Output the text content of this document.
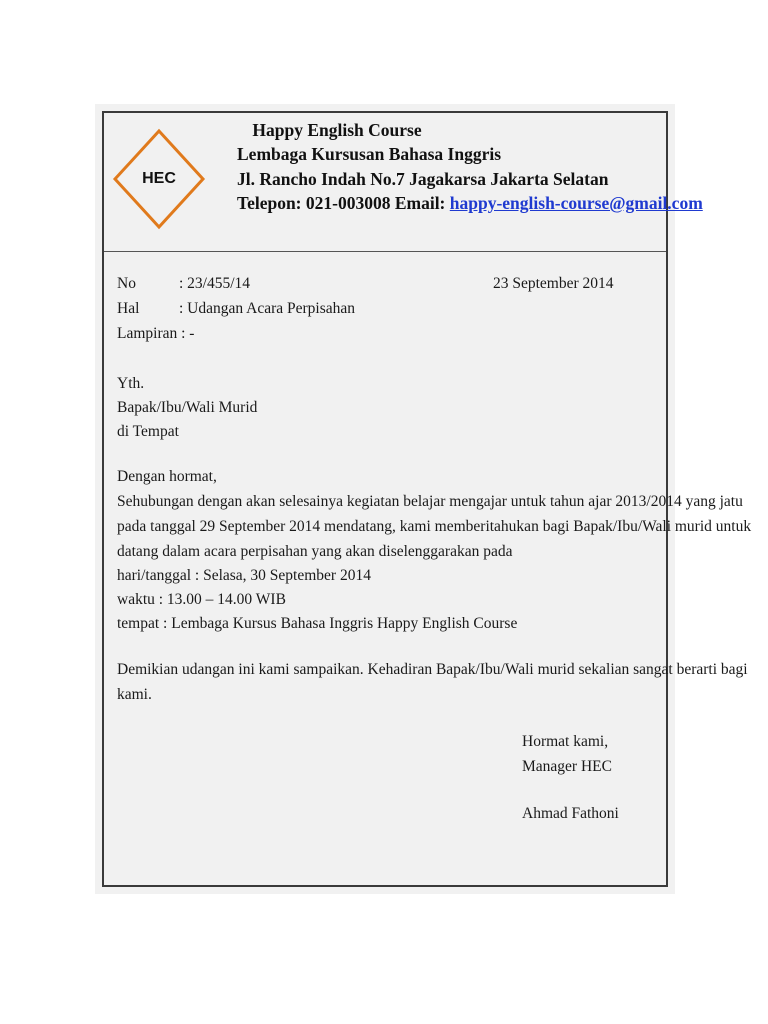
HEC
Happy English Course
Lembaga Kursusan Bahasa Inggris
Jl. Rancho Indah No.7 Jagakarsa Jakarta Selatan
Telepon: 021-003008 Email: happy-english-course@gmail.com
No	: 23/455/14	23 September 2014
Hal	: Udangan Acara Perpisahan
Lampiran : -
Yth.
Bapak/Ibu/Wali Murid
di Tempat
Dengan hormat,
Sehubungan dengan akan selesainya kegiatan belajar mengajar untuk tahun ajar 2013/2014 yang jatu
pada tanggal 29 September 2014 mendatang, kami memberitahukan bagi Bapak/Ibu/Wali murid untuk
datang dalam acara perpisahan yang akan diselenggarakan pada
hari/tanggal : Selasa, 30 September 2014
waktu : 13.00 – 14.00 WIB
tempat : Lembaga Kursus Bahasa Inggris Happy English Course
Demikian udangan ini kami sampaikan. Kehadiran Bapak/Ibu/Wali murid sekalian sangat berarti bagi
kami.
Hormat kami,
Manager HEC
Ahmad Fathoni
